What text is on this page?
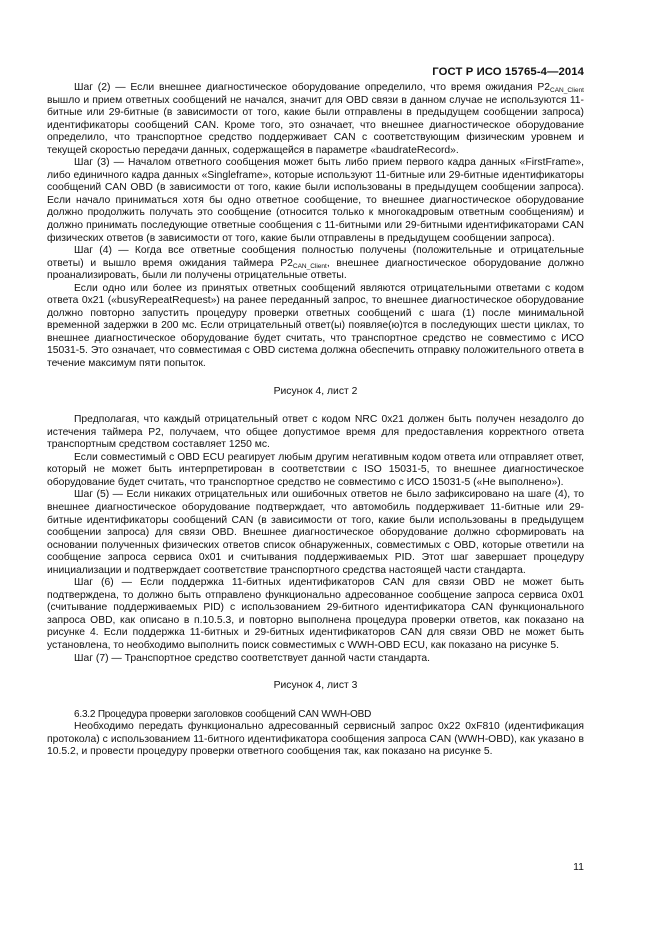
ГОСТ Р ИСО 15765-4—2014

Шаг (2) — Если внешнее диагностическое оборудование определило, что время ожидания $P2_{CAN\_Client}$ вышло и прием ответных сообщений не начался, значит для OBD связи в данном случае не используются 11-битные или 29-битные (в зависимости от того, какие были отправлены в предыдущем сообщении запроса) идентификаторы сообщений CAN. Кроме того, это означает, что внешнее диагностическое оборудование определило, что транспортное средство поддерживает CAN с соответствующим физическим уровнем и текущей скоростью передачи данных, содержащейся в параметре «baudrateRecord».

Шаг (3) — Началом ответного сообщения может быть либо прием первого кадра данных «FirstFrame», либо единичного кадра данных «Singleframe», которые используют 11-битные или 29-битные идентификаторы сообщений CAN OBD (в зависимости от того, какие были использованы в предыдущем сообщении запроса). Если начало приниматься хотя бы одно ответное сообщение, то внешнее диагностическое оборудование должно продолжить получать это сообщение (относится только к многокадровым ответным сообщениям) и должно принимать последующие ответные сообщения с 11-битными или 29-битными идентификаторами CAN физических ответов (в зависимости от того, какие были отправлены в предыдущем сообщении запроса).

Шаг (4) — Когда все ответные сообщения полностью получены (положительные и отрицательные ответы) и вышло время ожидания таймера $P2_{CAN\_Client}$, внешнее диагностическое оборудование должно проанализировать, были ли получены отрицательные ответы.

Если одно или более из принятых ответных сообщений являются отрицательными ответами с кодом ответа 0x21 («busyRepeatRequest») на ранее переданный запрос, то внешнее диагностическое оборудование должно повторно запустить процедуру проверки ответных сообщений с шага (1) после минимальной временной задержки в 200 мс. Если отрицательный ответ(ы) появляе(ю)тся в последующих шести циклах, то внешнее диагностическое оборудование будет считать, что транспортное средство не совместимо с ИСО 15031-5. Это означает, что совместимая с OBD система должна обеспечить отправку положительного ответа в течение максимум пяти попыток.

Рисунок 4, лист 2

Предполагая, что каждый отрицательный ответ с кодом NRC 0x21 должен быть получен незадолго до истечения таймера P2, получаем, что общее допустимое время для предоставления корректного ответа транспортным средством составляет 1250 мс.

Если совместимый с OBD ECU реагирует любым другим негативным кодом ответа или отправляет ответ, который не может быть интерпретирован в соответствии с ISO 15031-5, то внешнее диагностическое оборудование будет считать, что транспортное средство не совместимо с ИСО 15031-5 («Не выполнено»).

Шаг (5) — Если никаких отрицательных или ошибочных ответов не было зафиксировано на шаге (4), то внешнее диагностическое оборудование подтверждает, что автомобиль поддерживает 11-битные или 29-битные идентификаторы сообщений CAN (в зависимости от того, какие были использованы в предыдущем сообщении запроса) для связи OBD. Внешнее диагностическое оборудование должно сформировать на основании полученных физических ответов список обнаруженных, совместимых с OBD, которые ответили на сообщение запроса сервиса 0x01 и считывания поддерживаемых PID. Этот шаг завершает процедуру инициализации и подтверждает соответствие транспортного средства настоящей части стандарта.

Шаг (6) — Если поддержка 11-битных идентификаторов CAN для связи OBD не может быть подтверждена, то должно быть отправлено функционально адресованное сообщение запроса сервиса 0x01 (считывание поддерживаемых PID) с использованием 29-битного идентификатора CAN функционального запроса OBD, как описано в п.10.5.3, и повторно выполнена процедура проверки ответов, как показано на рисунке 4. Если поддержка 11-битных и 29-битных идентификаторов CAN для связи OBD не может быть установлена, то необходимо выполнить поиск совместимых с WWH-OBD ECU, как показано на рисунке 5.

Шаг (7) — Транспортное средство соответствует данной части стандарта.

Рисунок 4, лист 3

6.3.2 Процедура проверки заголовков сообщений CAN WWH-OBD

Необходимо передать функционально адресованный сервисный запрос 0x22 0xF810 (идентификация протокола) с использованием 11-битного идентификатора сообщения запроса CAN (WWH-OBD), как указано в 10.5.2, и провести процедуру проверки ответного сообщения так, как показано на рисунке 5.

11
